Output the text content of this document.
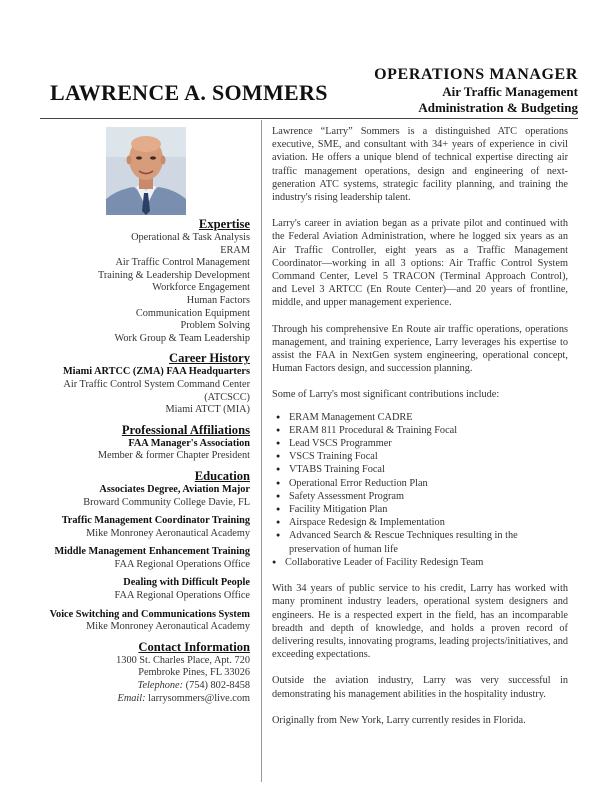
LAWRENCE A. SOMMERS
OPERATIONS MANAGER
Air Traffic Management
Administration & Budgeting
Expertise
Operational & Task Analysis
ERAM
Air Traffic Control Management
Training & Leadership Development
Workforce Engagement
Human Factors
Communication Equipment
Problem Solving
Work Group & Team Leadership
Career History
Miami ARTCC (ZMA) FAA Headquarters
Air Traffic Control System Command Center
(ATCSCC)
Miami ATCT (MIA)
Professional Affiliations
FAA Manager's Association
Member & former Chapter President
Education
Associates Degree, Aviation Major
Broward Community College Davie, FL
Traffic Management Coordinator Training
Mike Monroney Aeronautical Academy
Middle Management Enhancement Training
FAA Regional Operations Office
Dealing with Difficult People
FAA Regional Operations Office
Voice Switching and Communications System
Mike Monroney Aeronautical Academy
Contact Information
1300 St. Charles Place, Apt. 720
Pembroke Pines, FL 33026
Telephone: (754) 802-8458
Email: larrysommers@live.com

Lawrence “Larry” Sommers is a distinguished ATC operations executive, SME, and consultant with 34+ years of experience in civil aviation. He offers a unique blend of technical expertise directing air traffic management operations, design and engineering of next-generation ATC systems, strategic facility planning, and training the industry's rising leadership talent.

Larry's career in aviation began as a private pilot and continued with the Federal Aviation Administration, where he logged six years as an Air Traffic Controller, eight years as a Traffic Management Coordinator—working in all 3 options: Air Traffic Control System Command Center, Level 5 TRACON (Terminal Approach Control), and Level 3 ARTCC (En Route Center)—and 20 years of frontline, middle, and upper management experience.

Through his comprehensive En Route air traffic operations, operations management, and training experience, Larry leverages his expertise to assist the FAA in NextGen system engineering, operational concept, Human Factors design, and succession planning.

Some of Larry's most significant contributions include:

● ERAM Management CADRE
● ERAM 811 Procedural & Training Focal
● Lead VSCS Programmer
● VSCS Training Focal
● VTABS Training Focal
● Operational Error Reduction Plan
● Safety Assessment Program
● Facility Mitigation Plan
● Airspace Redesign & Implementation
● Advanced Search & Rescue Techniques resulting in the preservation of human life
● Collaborative Leader of Facility Redesign Team

With 34 years of public service to his credit, Larry has worked with many prominent industry leaders, operational system designers and engineers. He is a respected expert in the field, has an incomparable breadth and depth of knowledge, and holds a proven record of delivering results, innovating programs, leading projects/initiatives, and exceeding expectations.

Outside the aviation industry, Larry was very successful in demonstrating his management abilities in the hospitality industry.

Originally from New York, Larry currently resides in Florida.
